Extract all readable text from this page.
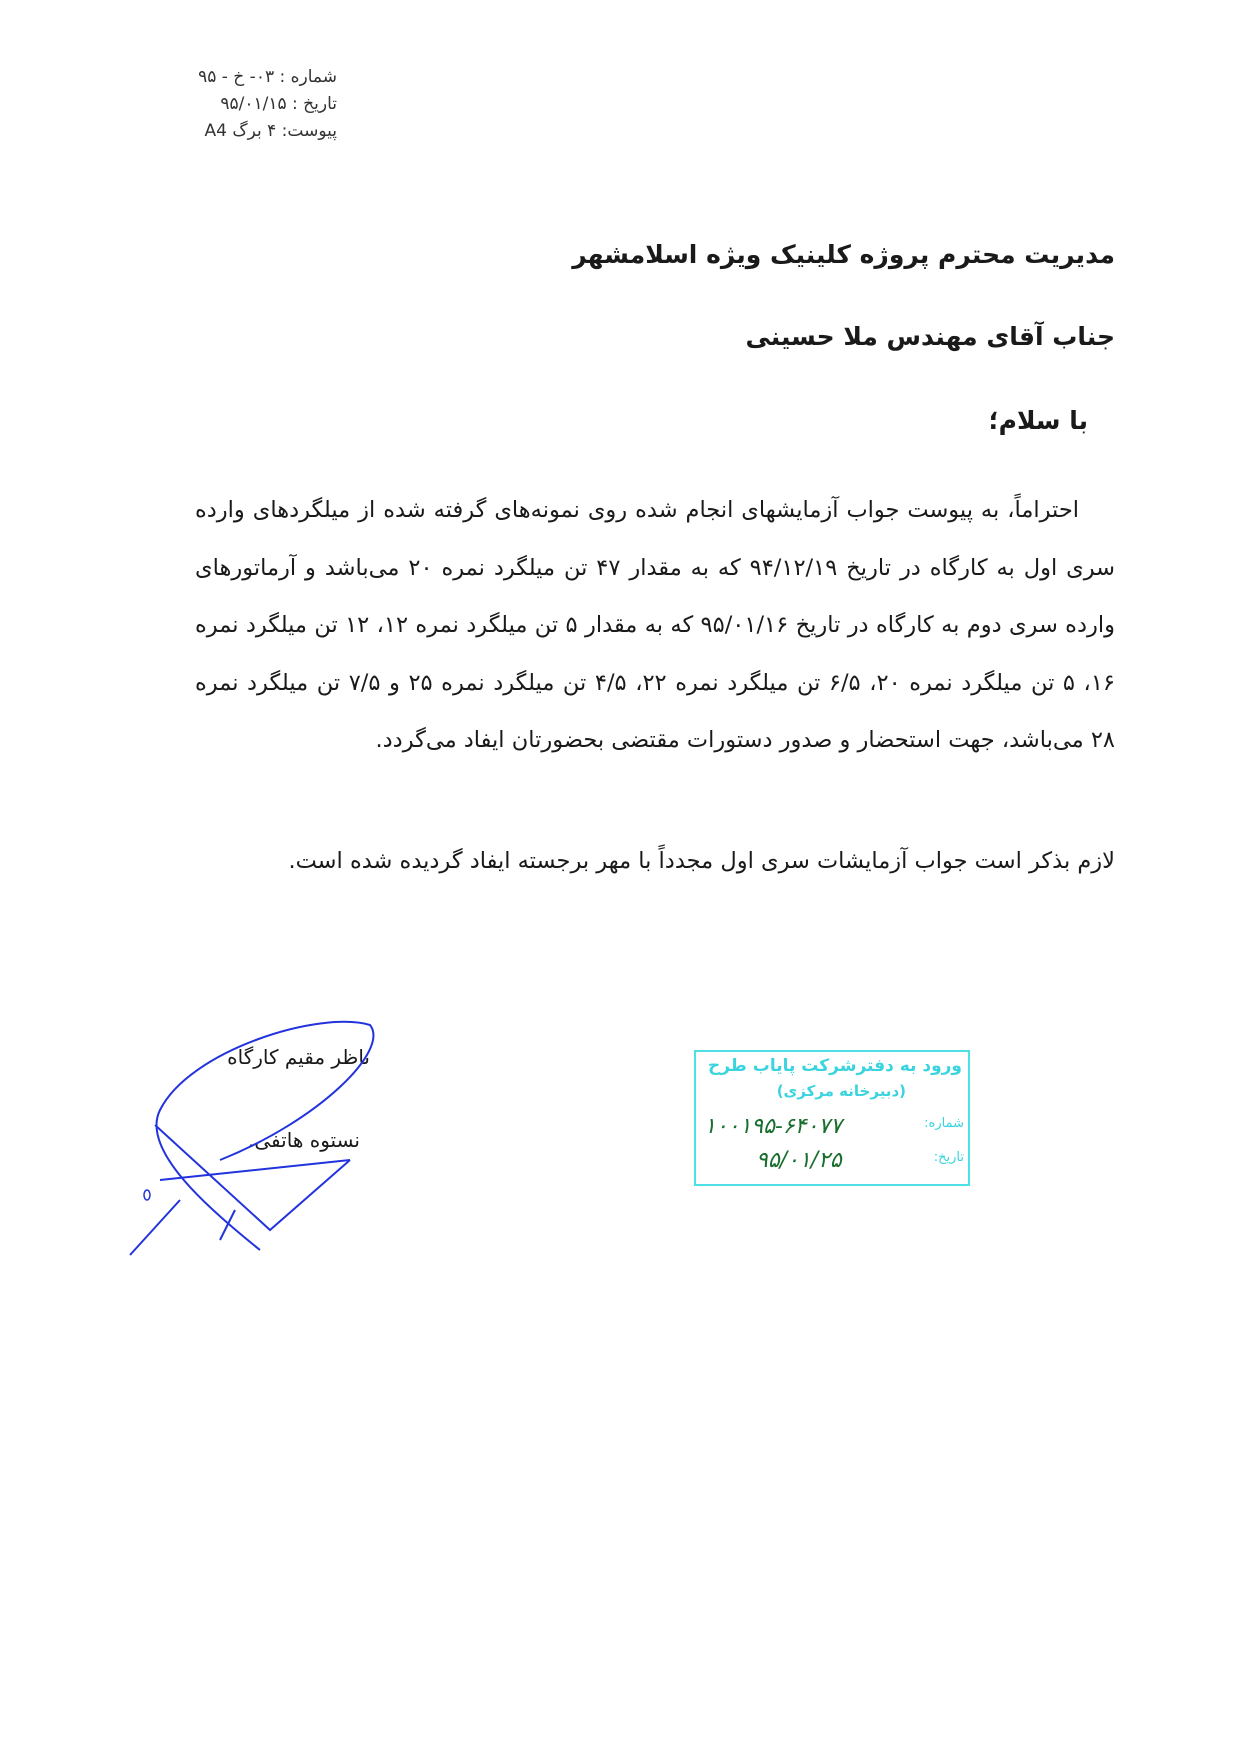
شماره : ۰۳- خ - ۹۵
تاریخ : ۹۵/۰۱/۱۵
پیوست: ۴ برگ A4
مدیریت محترم پروژه کلینیک ویژه اسلامشهر
جناب آقای مهندس ملا حسینی
با سلام؛
احتراماً، به پیوست جواب آزمایشهای انجام شده روی نمونه‌های گرفته شده از میلگردهای وارده سری اول به کارگاه در تاریخ ۹۴/۱۲/۱۹ که به مقدار ۴۷ تن میلگرد نمره ۲۰ می‌باشد و آرماتورهای وارده سری دوم به کارگاه در تاریخ ۹۵/۰۱/۱۶ که به مقدار ۵ تن میلگرد نمره ۱۲، ۱۲ تن میلگرد نمره ۱۶، ۵ تن میلگرد نمره ۲۰، ۶/۵ تن میلگرد نمره ۲۲، ۴/۵ تن میلگرد نمره ۲۵ و ۷/۵ تن میلگرد نمره ۲۸ می‌باشد، جهت استحضار و صدور دستورات مقتضی بحضورتان ایفاد می‌گردد.
لازم بذکر است جواب آزمایشات سری اول مجدداً با مهر برجسته ایفاد گردیده شده است.
ناظر مقیم کارگاه
نستوه هاتفی.
ورود به دفترشرکت پایاب طرح
(دبیرخانه مرکزی)
شماره:
۱۰۰۱۹۵-۶۴۰۷۷
تاریخ:
۹۵/۰۱/۲۵
